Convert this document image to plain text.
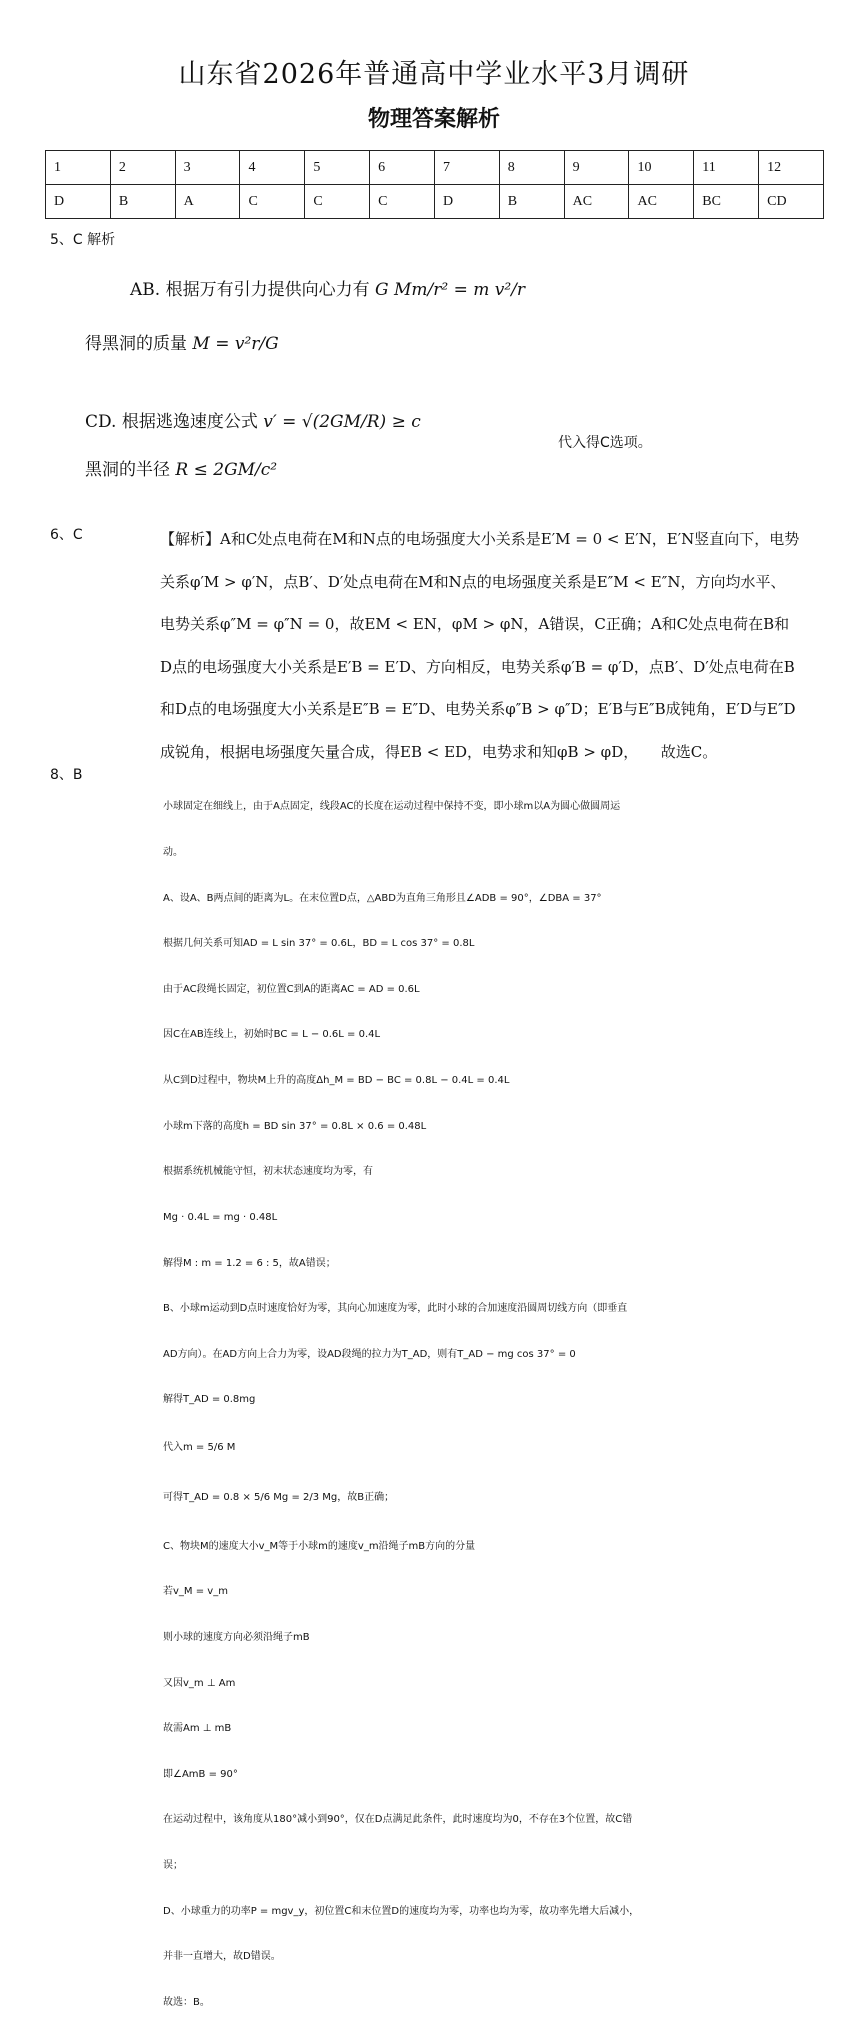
山东省2026年普通高中学业水平3月调研
物理答案解析
1	2	3	4	5	6	7	8	9	10	11	12
D	B	A	C	C	C	D	B	AC	AC	BC	CD
5、C 解析
AB. 根据万有引力提供向心力有 G Mm/r² = m v²/r
得黑洞的质量 M = v²r/G
CD. 根据逃逸速度公式 v′ = √(2GM/R) ≥ c
黑洞的半径 R ≤ 2GM/c²
代入得C选项。
6、C	【解析】A和C处点电荷在M和N点的电场强度大小关系是E′M = 0 < E′N，E′N竖直向下，电势关系φ′M > φ′N，点B′、D′处点电荷在M和N点的电场强度关系是E″M < E″N，方向均水平、电势关系φ″M = φ″N = 0，故EM < EN，φM > φN，A错误，C正确；A和C处点电荷在B和D点的电场强度大小关系是E′B = E′D、方向相反，电势关系φ′B = φ′D，点B′、D′处点电荷在B和D点的电场强度大小关系是E″B = E″D、电势关系φ″B > φ″D；E′B与E″B成钝角，E′D与E″D成锐角，根据电场强度矢量合成，得EB < ED，电势求和知φB > φD，　　故选C。
8、B

小球固定在细线上，由于A点固定，线段AC的长度在运动过程中保持不变，即小球m以A为圆心做圆周运

动。

A、设A、B两点间的距离为L。在末位置D点，△ABD为直角三角形且∠ADB = 90°，∠DBA = 37°

根据几何关系可知AD = L sin 37° = 0.6L，BD = L cos 37° = 0.8L

由于AC段绳长固定，初位置C到A的距离AC = AD = 0.6L

因C在AB连线上，初始时BC = L − 0.6L = 0.4L

从C到D过程中，物块M上升的高度Δh_M = BD − BC = 0.8L − 0.4L = 0.4L

小球m下落的高度h = BD sin 37° = 0.8L × 0.6 = 0.48L

根据系统机械能守恒，初末状态速度均为零，有

Mg · 0.4L = mg · 0.48L

解得M : m = 1.2 = 6 : 5，故A错误；

B、小球m运动到D点时速度恰好为零，其向心加速度为零，此时小球的合加速度沿圆周切线方向（即垂直

AD方向）。在AD方向上合力为零，设AD段绳的拉力为T_AD，则有T_AD − mg cos 37° = 0

解得T_AD = 0.8mg

代入m = 5/6 M

可得T_AD = 0.8 × 5/6 Mg = 2/3 Mg，故B正确；

C、物块M的速度大小v_M等于小球m的速度v_m沿绳子mB方向的分量

若v_M = v_m

则小球的速度方向必须沿绳子mB

又因v_m ⊥ Am

故需Am ⊥ mB

即∠AmB = 90°

在运动过程中，该角度从180°减小到90°，仅在D点满足此条件，此时速度均为0，不存在3个位置，故C错

误；

D、小球重力的功率P = mgv_y，初位置C和末位置D的速度均为零，功率也均为零，故功率先增大后减小，

并非一直增大，故D错误。

故选：B。
